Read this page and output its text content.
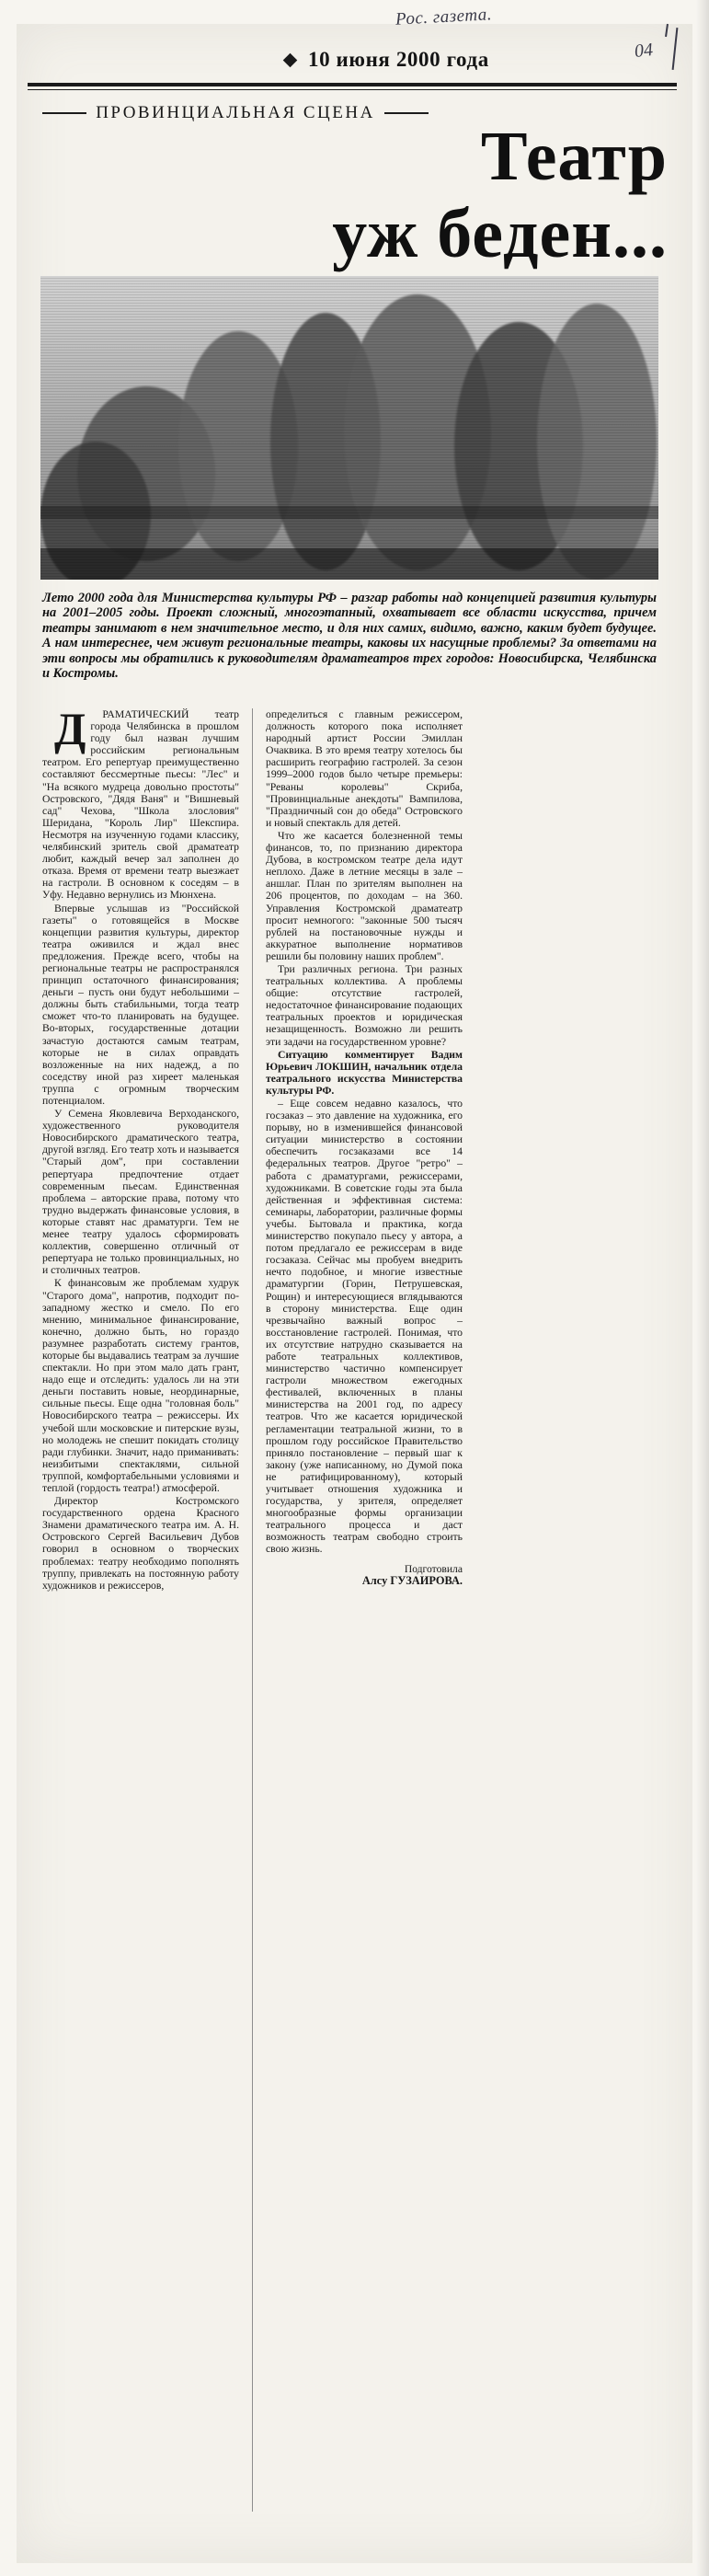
Рос. газета.
04
10 июня 2000 года
ПРОВИНЦИАЛЬНАЯ СЦЕНА
Театр
уж беден...
Лето 2000 года для Министерства культуры РФ – разгар работы над концепцией развития культуры на 2001–2005 годы. Проект сложный, многоэтапный, охватывает все области искусства, причем театры занимают в нем значительное место, и для них самих, видимо, важно, каким будет будущее. А нам интереснее, чем живут региональные театры, каковы их насущные проблемы? За ответами на эти вопросы мы обратились к руководителям драматеатров трех городов: Новосибирска, Челябинска и Костромы.

Д	РАМАТИЧЕСКИЙ театр города Челябинска в прошлом году был назван лучшим российским региональным театром. Его репертуар преимущественно составляют бессмертные пьесы: "Лес" и "На всякого мудреца довольно простоты" Островского, "Дядя Ваня" и "Вишневый сад" Чехова, "Школа злословия" Шеридана, "Король Лир" Шекспира. Несмотря на изученную годами классику, челябинский зритель свой драматеатр любит, каждый вечер зал заполнен до отказа. Время от времени театр выезжает на гастроли. В основном к соседям – в Уфу. Недавно вернулись из Мюнхена.

Впервые услышав из "Российской газеты" о готовящейся в Москве концепции развития культуры, директор театра оживился и ждал внес предложения. Прежде всего, чтобы на региональные театры не распространялся принцип остаточного финансирования; деньги – пусть они будут небольшими – должны быть стабильными, тогда театр сможет что-то планировать на будущее. Во-вторых, государственные дотации зачастую достаются самым театрам, которые не в силах оправдать возложенные на них надежд, а по соседству иной раз хиреет маленькая труппа с огромным творческим потенциалом.

У Семена Яковлевича Верходанского, художественного руководителя Новосибирского драматического театра, другой взгляд. Его театр хоть и называется "Старый дом", при составлении репертуара предпочтение отдает современным пьесам. Единственная проблема – авторские права, потому что трудно выдержать финансовые условия, в которые ставят нас драматурги. Тем не менее театру удалось сформировать коллектив, совершенно отличный от репертуара не только провинциальных, но и столичных театров.

К финансовым же проблемам худрук "Старого дома", напротив, подходит по-западному жестко и смело. По его мнению, минимальное финансирование, конечно, должно быть, но гораздо разумнее разработать систему грантов, которые бы выдавались театрам за лучшие спектакли. Но при этом мало дать грант, надо еще и отследить: удалось ли на эти деньги поставить новые, неординарные, сильные пьесы. Еще одна "головная боль" Новосибирского театра – режиссеры. Их учебой шли московские и питерские вузы, но молодежь не спешит покидать столицу ради глубинки. Значит, надо приманивать: неизбитыми спектаклями, сильной труппой, комфортабельными условиями и теплой (гордость театра!) атмосферой.

Директор Костромского государственного ордена Красного Знамени драматического театра им. А. Н. Островского Сергей Васильевич Дубов говорил в основном о творческих проблемах: театру необходимо пополнять труппу, привлекать на постоянную работу художников и режиссеров,

определиться с главным режиссером, должность которого пока исполняет народный артист России Эмиллан Очаквика. В это время театру хотелось бы расширить географию гастролей. За сезон 1999–2000 годов было четыре премьеры: "Реваны королевы" Скриба, "Провинциальные анекдоты" Вампилова, "Праздничный сон до обеда" Островского и новый спектакль для детей.

Что же касается болезненной темы финансов, то, по признанию директора Дубова, в костромском театре дела идут неплохо. Даже в летние месяцы в зале – аншлаг. План по зрителям выполнен на 206 процентов, по доходам – на 360. Управления Костромской драматеатр просит немногого: "законные 500 тысяч рублей на постановочные нужды и аккуратное выполнение нормативов решили бы половину наших проблем".

Три различных региона. Три разных театральных коллектива. А проблемы общие: отсутствие гастролей, недостаточное финансирование подающих театральных проектов и юридическая незащищенность. Возможно ли решить эти задачи на государственном уровне?

Ситуацию комментирует Вадим Юрьевич ЛОКШИН, начальник отдела театрального искусства Министерства культуры РФ.

– Еще совсем недавно казалось, что госзаказ – это давление на художника, его порыву, но в изменившейся финансовой ситуации министерство в состоянии обеспечить госзаказами все 14 федеральных театров. Другое "ретро" – работа с драматургами, режиссерами, художниками. В советские годы эта была действенная и эффективная система: семинары, лаборатории, различные формы учебы. Бытовала и практика, когда министерство покупало пьесу у автора, а потом предлагало ее режиссерам в виде госзаказа. Сейчас мы пробуем внедрить нечто подобное, и многие известные драматургии (Горин, Петрушевская, Рощин) и интересующиеся вглядываются в сторону министерства. Еще один чрезвычайно важный вопрос – восстановление гастролей. Понимая, что их отсутствие натрудно сказывается на работе театральных коллективов, министерство частично компенсирует гастроли множеством ежегодных фестивалей, включенных в планы министерства на 2001 год, по адресу театров. Что же касается юридической регламентации театральной жизни, то в прошлом году российское Правительство приняло постановление – первый шаг к закону (уже написанному, но Думой пока не ратифицированному), который учитывает отношения художника и государства, у зрителя, определяет многообразные формы организации театрального процесса и даст возможность театрам свободно строить свою жизнь.

Подготовила
Алсу ГУЗАИРОВА.
